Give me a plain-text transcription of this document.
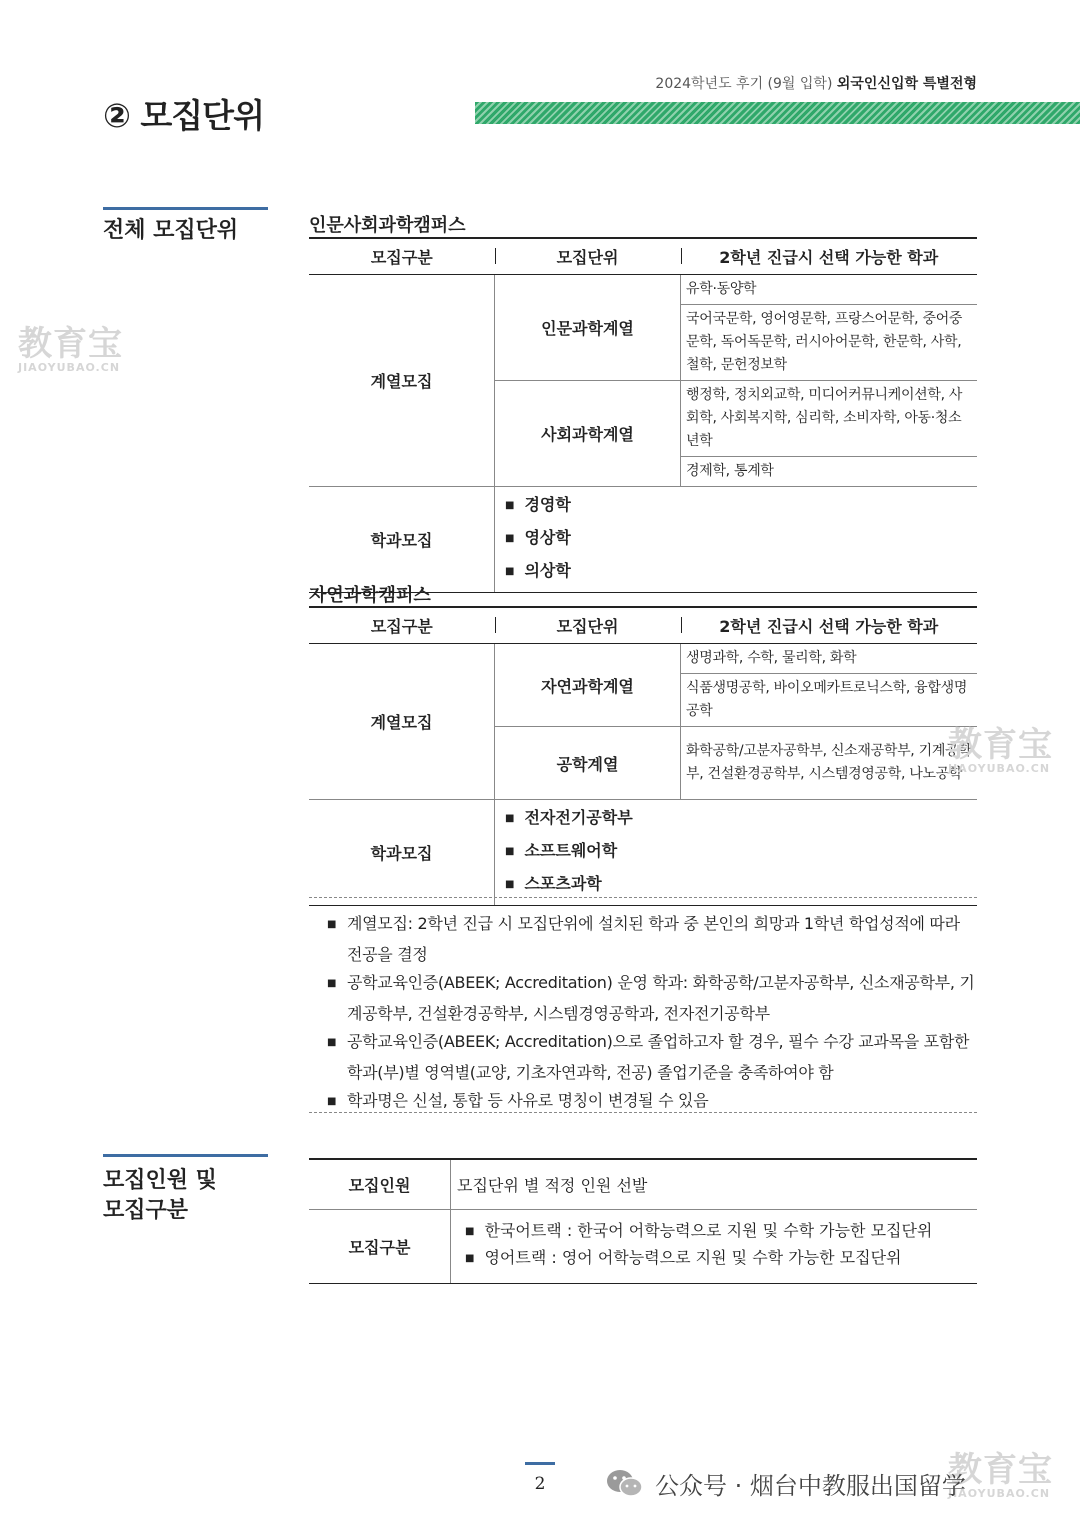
2024학년도 후기 (9월 입학) 외국인신입학 특별전형
② 모집단위
전체 모집단위	인문사회과학캠퍼스
모집구분	모집단위	2학년 진급시 선택 가능한 학과
계열모집	인문과학계열	유학·동양학
		국어국문학, 영어영문학, 프랑스어문학, 중어중문학, 독어독문학, 러시아어문학, 한문학, 사학, 철학, 문헌정보학
	사회과학계열	행정학, 정치외교학, 미디어커뮤니케이션학, 사회학, 사회복지학, 심리학, 소비자학, 아동·청소년학
		경제학, 통계학
학과모집	■ 경영학
■ 영상학
■ 의상학
자연과학캠퍼스
모집구분	모집단위	2학년 진급시 선택 가능한 학과
계열모집	자연과학계열	생명과학, 수학, 물리학, 화학
		식품생명공학, 바이오메카트로닉스학, 융합생명공학
	공학계열	화학공학/고분자공학부, 신소재공학부, 기계공학부, 건설환경공학부, 시스템경영공학, 나노공학
학과모집	■ 전자전기공학부
■ 소프트웨어학
■ 스포츠과학
■ 계열모집: 2학년 진급 시 모집단위에 설치된 학과 중 본인의 희망과 1학년 학업성적에 따라 전공을 결정
■ 공학교육인증(ABEEK; Accreditation) 운영 학과: 화학공학/고분자공학부, 신소재공학부, 기계공학부, 건설환경공학부, 시스템경영공학과, 전자전기공학부
■ 공학교육인증(ABEEK; Accreditation)으로 졸업하고자 할 경우, 필수 수강 교과목을 포함한 학과(부)별 영역별(교양, 기초자연과학, 전공) 졸업기준을 충족하여야 함
■ 학과명은 신설, 통합 등 사유로 명칭이 변경될 수 있음
모집인원 및
모집구분
모집인원	모집단위 별 적정 인원 선발
모집구분	■ 한국어트랙 : 한국어 어학능력으로 지원 및 수학 가능한 모집단위
■ 영어트랙 : 영어 어학능력으로 지원 및 수학 가능한 모집단위
教育宝
JIAOYUBAO.CN
教育宝
JIAOYUBAO.CN
教育宝
JIAOYUBAO.CN
2	公众号 · 烟台中教服出国留学
